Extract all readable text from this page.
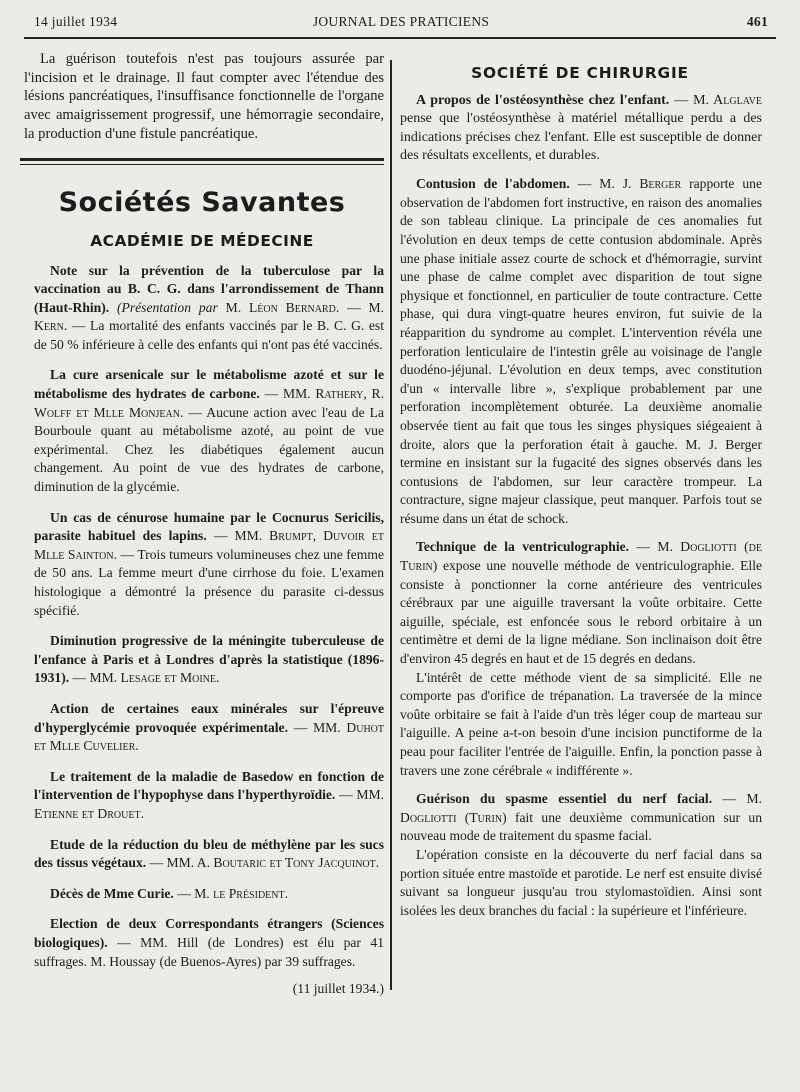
14 juillet 1934	JOURNAL DES PRATICIENS	461

La guérison toutefois n'est pas toujours assurée par l'incision et le drainage. Il faut compter avec l'étendue des lésions pancréatiques, l'insuffisance fonctionnelle de l'organe avec amaigrissement progressif, une hémorragie secondaire, la production d'une fistule pancréatique.

Sociétés Savantes
ACADÉMIE DE MÉDECINE

Note sur la prévention de la tuberculose par la vaccination au B. C. G. dans l'arrondissement de Thann (Haut-Rhin). (Présentation par M. Léon Bernard. — M. Kern. — La mortalité des enfants vaccinés par le B. C. G. est de 50 % inférieure à celle des enfants qui n'ont pas été vaccinés.

La cure arsenicale sur le métabolisme azoté et sur le métabolisme des hydrates de carbone. — MM. Rathery, R. Wolff et Mlle Monjean. — Aucune action avec l'eau de La Bourboule quant au métabolisme azoté, au point de vue expérimental. Chez les diabétiques également aucun changement. Au point de vue des hydrates de carbone, diminution de la glycémie.

Un cas de cénurose humaine par le Cocnurus Sericilis, parasite habituel des lapins. — MM. Brumpt, Duvoir et Mlle Sainton. — Trois tumeurs volumineuses chez une femme de 50 ans. La femme meurt d'une cirrhose du foie. L'examen histologique a démontré la présence du parasite ci-dessus spécifié.

Diminution progressive de la méningite tuberculeuse de l'enfance à Paris et à Londres d'après la statistique (1896-1931). — MM. Lesage et Moine.

Action de certaines eaux minérales sur l'épreuve d'hyperglycémie provoquée expérimentale. — MM. Duhot et Mlle Cuvelier.

Le traitement de la maladie de Basedow en fonction de l'intervention de l'hypophyse dans l'hyperthyroïdie. — MM. Etienne et Drouet.

Etude de la réduction du bleu de méthylène par les sucs des tissus végétaux. — MM. A. Boutaric et Tony Jacquinot.

Décès de Mme Curie. — M. le Président.

Election de deux Correspondants étrangers (Sciences biologiques). — MM. Hill (de Londres) est élu par 41 suffrages. M. Houssay (de Buenos-Ayres) par 39 suffrages.

(11 juillet 1934.)
SOCIÉTÉ DE CHIRURGIE

A propos de l'ostéosynthèse chez l'enfant. — M. Alglave pense que l'ostéosynthèse à matériel métallique perdu a des indications précises chez l'enfant. Elle est susceptible de donner des résultats excellents, et durables.

Contusion de l'abdomen. — M. J. Berger rapporte une observation de l'abdomen fort instructive, en raison des anomalies de son tableau clinique. La principale de ces anomalies fut l'évolution en deux temps de cette contusion abdominale. Après une phase initiale assez courte de schock et d'hémorragie, survint une phase de calme complet avec disparition de tout signe physique et fonctionnel, en particulier de toute contracture. Cette phase, qui dura vingt-quatre heures environ, fut suivie de la réapparition du syndrome au complet. L'intervention révéla une perforation lenticulaire de l'intestin grêle au voisinage de l'angle duodéno-jéjunal. L'évolution en deux temps, avec constitution d'un « intervalle libre », s'explique probablement par une perforation incomplètement obturée. La deuxième anomalie observée tient au fait que tous les singes physiques siégeaient à droite, alors que la perforation était à gauche. M. J. Berger termine en insistant sur la fugacité des signes observés dans les contusions de l'abdomen, sur leur caractère trompeur. La contracture, signe majeur classique, peut manquer. Parfois tout se résume dans un état de schock.

Technique de la ventriculographie. — M. Dogliotti (de Turin) expose une nouvelle méthode de ventriculographie. Elle consiste à ponctionner la corne antérieure des ventricules cérébraux par une aiguille traversant la voûte orbitaire. Cette aiguille, spéciale, est enfoncée sous le rebord orbitaire à un centimètre et demi de la ligne médiane. Son inclinaison doit être d'environ 45 degrés en haut et de 15 degrés en dedans.

L'intérêt de cette méthode vient de sa simplicité. Elle ne comporte pas d'orifice de trépanation. La traversée de la mince voûte orbitaire se fait à l'aide d'un très léger coup de marteau sur l'aiguille. A peine a-t-on besoin d'une incision punctiforme de la peau pour faciliter l'entrée de l'aiguille. Enfin, la ponction passe à travers une zone cérébrale « indifférente ».

Guérison du spasme essentiel du nerf facial. — M. Dogliotti (Turin) fait une deuxième communication sur un nouveau mode de traitement du spasme facial.

L'opération consiste en la découverte du nerf facial dans sa portion située entre mastoïde et parotide. Le nerf est ensuite divisé suivant sa longueur jusqu'au trou stylomastoïdien. Ainsi sont isolées les deux branches du facial : la supérieure et l'inférieure.
